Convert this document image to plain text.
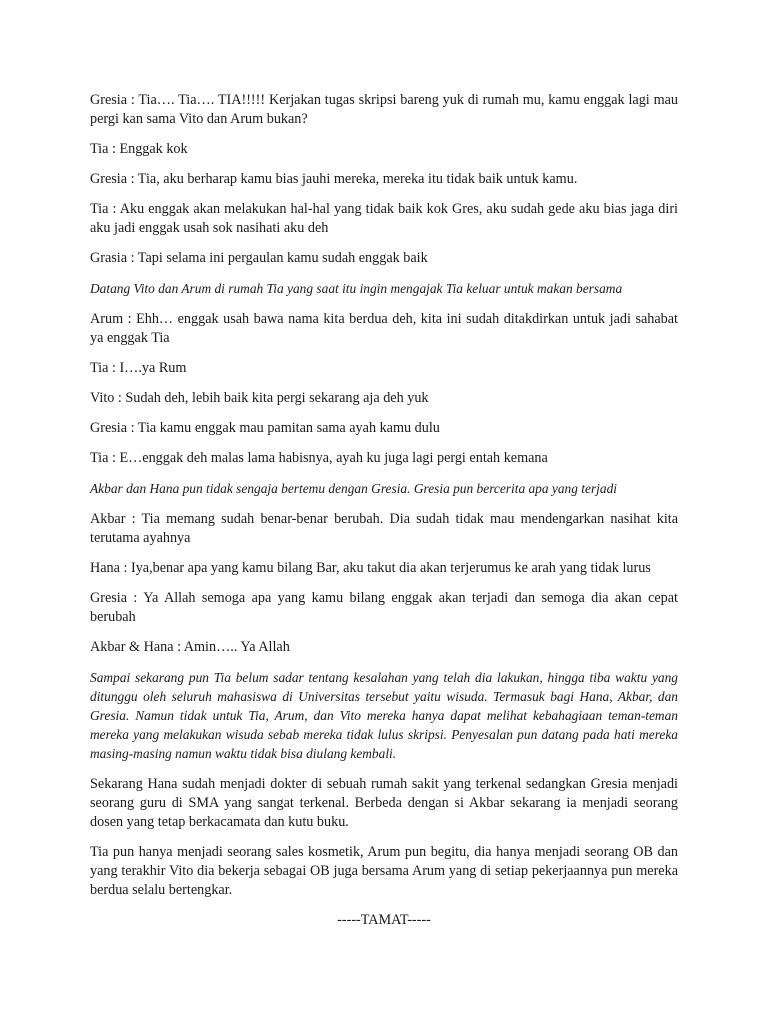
Gresia : Tia…. Tia…. TIA!!!!! Kerjakan tugas skripsi bareng yuk di rumah mu, kamu enggak lagi mau pergi kan sama Vito dan Arum bukan?

Tia : Enggak kok

Gresia : Tia, aku berharap kamu bias jauhi mereka, mereka itu tidak baik untuk kamu.

Tia : Aku enggak akan melakukan hal-hal yang tidak baik kok Gres, aku sudah gede aku bias jaga diri aku jadi enggak usah sok nasihati aku deh

Grasia : Tapi selama ini pergaulan kamu sudah enggak baik

Datang Vito dan Arum di rumah Tia yang saat itu ingin mengajak Tia keluar untuk makan bersama

Arum : Ehh… enggak usah bawa nama kita berdua deh, kita ini sudah ditakdirkan untuk jadi sahabat ya enggak Tia

Tia : I….ya Rum

Vito : Sudah deh, lebih baik kita pergi sekarang aja deh yuk

Gresia : Tia kamu enggak mau pamitan sama ayah kamu dulu

Tia : E…enggak deh malas lama habisnya, ayah ku juga lagi pergi entah kemana

Akbar dan Hana pun tidak sengaja bertemu dengan Gresia. Gresia pun bercerita apa yang terjadi

Akbar : Tia memang sudah benar-benar berubah. Dia sudah tidak mau mendengarkan nasihat kita terutama ayahnya

Hana : Iya,benar apa yang kamu bilang Bar, aku takut dia akan terjerumus ke arah yang tidak lurus

Gresia : Ya Allah semoga apa yang kamu bilang enggak akan terjadi dan semoga dia akan cepat berubah

Akbar & Hana : Amin….. Ya Allah

Sampai sekarang pun Tia belum sadar tentang kesalahan yang telah dia lakukan, hingga tiba waktu yang ditunggu oleh seluruh mahasiswa di Universitas tersebut yaitu wisuda. Termasuk bagi Hana, Akbar, dan Gresia. Namun tidak untuk Tia, Arum, dan Vito mereka hanya dapat melihat kebahagiaan teman-teman mereka yang melakukan wisuda sebab mereka tidak lulus skripsi. Penyesalan pun datang pada hati mereka masing-masing namun waktu tidak bisa diulang kembali.

Sekarang Hana sudah menjadi dokter di sebuah rumah sakit yang terkenal sedangkan Gresia menjadi seorang guru di SMA yang sangat terkenal. Berbeda dengan si Akbar sekarang ia menjadi seorang dosen yang tetap berkacamata dan kutu buku.

Tia pun hanya menjadi seorang sales kosmetik, Arum pun begitu, dia hanya menjadi seorang OB dan yang terakhir Vito dia bekerja sebagai OB juga bersama Arum yang di setiap pekerjaannya pun mereka berdua selalu bertengkar.

-----TAMAT-----
